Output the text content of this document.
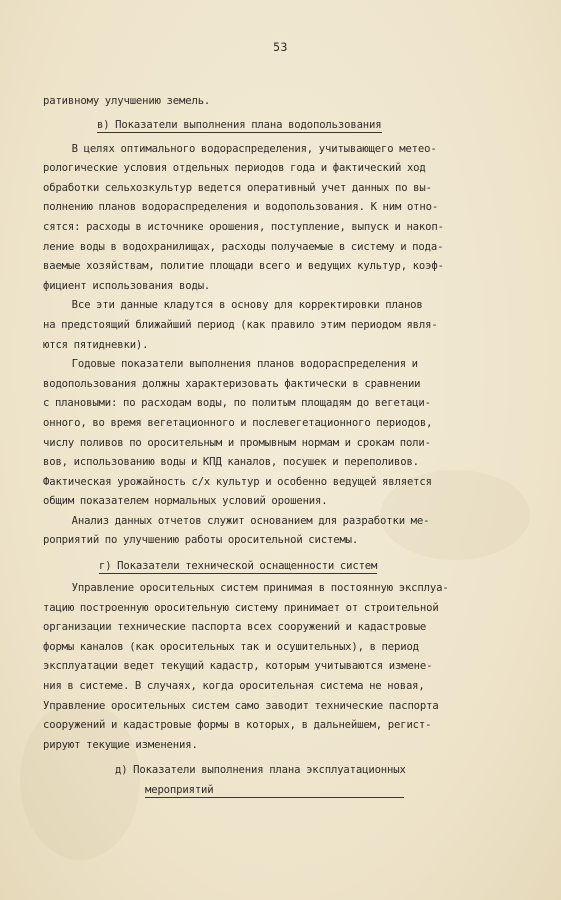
53
ративному улучшению земель.
в) Показатели выполнения плана водопользования
В целях оптимального водораспределения, учитывающего метео-
рологические условия отдельных периодов года и фактический ход
обработки сельхозкультур ведется оперативный учет данных по вы-
полнению планов водораспределения и водопользования. К ним отно-
сятся: расходы в источнике орошения, поступление, выпуск и накоп-
ление воды в водохранилищах, расходы получаемые в систему и пода-
ваемые хозяйствам, политие площади всего и ведущих культур, коэф-
фициент использования воды.
Все эти данные кладутся в основу для корректировки планов
на предстоящий ближайший период (как правило этим периодом явля-
ются пятидневки).
Годовые показатели выполнения планов водораспределения и
водопользования должны характеризовать фактически в сравнении
с плановыми: по расходам воды, по политым площадям до вегетаци-
онного, во время вегетационного и послевегетационного периодов,
числу поливов по оросительным и промывным нормам и срокам поли-
вов, использованию воды и КПД каналов, посушек и переполивов.
Фактическая урожайность с/х культур и особенно ведущей является
общим показателем нормальных условий орошения.
Анализ данных отчетов служит основанием для разработки ме-
роприятий по улучшению работы оросительной системы.
г) Показатели технической оснащенности систем
Управление оросительных систем принимая в постоянную эксплуа-
тацию построенную оросительную систему принимает от строительной
организации технические паспорта всех сооружений и кадастровые
формы каналов (как оросительных так и осушительных), в период
эксплуатации ведет текущий кадастр, которым учитываются измене-
ния в системе. В случаях, когда оросительная система не новая,
Управление оросительных систем само заводит технические паспорта
сооружений и кадастровые формы в которых, в дальнейшем, регист-
рируют текущие изменения.
д) Показатели выполнения плана эксплуатационных
мероприятий
